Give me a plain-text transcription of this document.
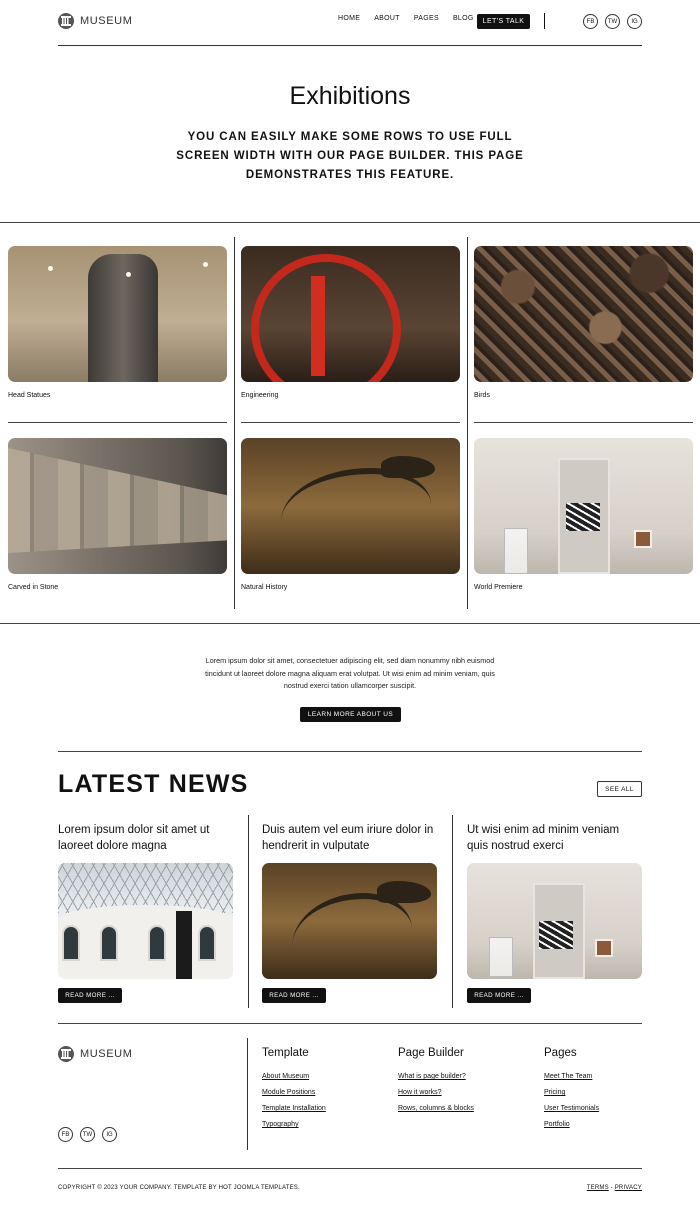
MUSEUM	HOME ABOUT PAGES BLOG	LET'S TALK	FB	TW	IG
Exhibitions

YOU CAN EASILY MAKE SOME ROWS TO USE FULL SCREEN WIDTH WITH OUR PAGE BUILDER. THIS PAGE DEMONSTRATES THIS FEATURE.

Head Statues	Engineering	Birds
Carved in Stone	Natural History	World Premiere

Lorem ipsum dolor sit amet, consectetuer adipiscing elit, sed diam nonummy nibh euismod tincidunt ut laoreet dolore magna aliquam erat volutpat. Ut wisi enim ad minim veniam, quis nostrud exerci tation ullamcorper suscipit.

LEARN MORE ABOUT US
LATEST NEWS	SEE ALL
Lorem ipsum dolor sit amet ut laoreet dolore magna
READ MORE ...
Duis autem vel eum iriure dolor in hendrerit in vulputate
READ MORE ...
Ut wisi enim ad minim veniam quis nostrud exerci
READ MORE ...
MUSEUM
FB	TW	IG
Template
About Museum
Module Positions
Template Installation
Typography
Page Builder
What is page builder?
How it works?
Rows, columns & blocks
Pages
Meet The Team
Pricing
User Testimonials
Portfolio
COPYRIGHT © 2023 YOUR COMPANY. TEMPLATE BY HOT JOOMLA TEMPLATES.	TERMS - PRIVACY
